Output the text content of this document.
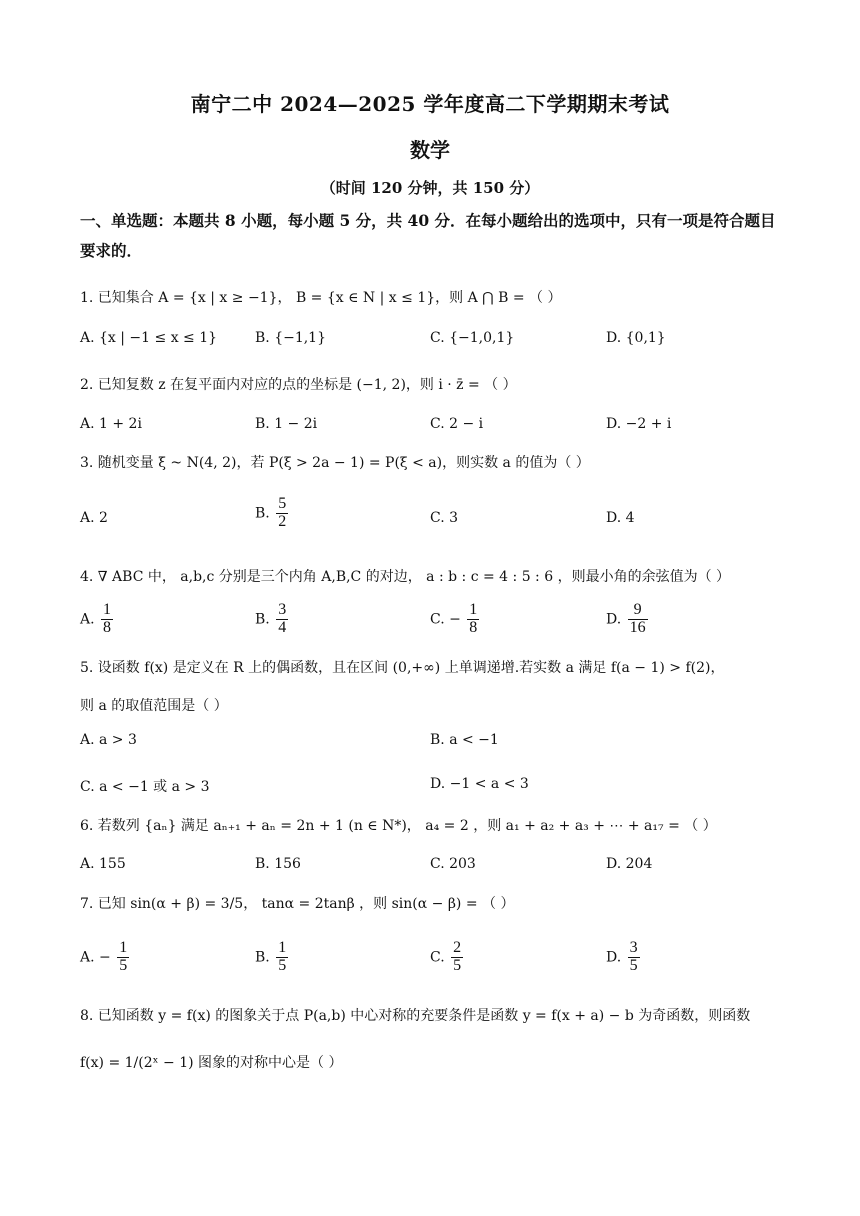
南宁二中 2024—2025 学年度高二下学期期末考试
数学
（时间 120 分钟，共 150 分）
一、单选题：本题共 8 小题，每小题 5 分，共 40 分．在每小题给出的选项中，只有一项是符合题目要求的．
1. 已知集合 A = {x | x ≥ −1}， B = {x ∈ N | x ≤ 1}，则 A ⋂ B = （ ）
A. {x | −1 ≤ x ≤ 1}	B. {−1,1}	C. {−1,0,1}	D. {0,1}
2. 已知复数 z 在复平面内对应的点的坐标是 (−1, 2)，则 i · z̄ = （ ）
A. 1 + 2i	B. 1 − 2i	C. 2 − i	D. −2 + i
3. 随机变量 ξ ~ N(4, 2)，若 P(ξ > 2a − 1) = P(ξ < a)，则实数 a 的值为（ ）
A. 2	B. $\frac{5}{2}$	C. 3	D. 4
4. ∇ ABC 中， a,b,c 分别是三个内角 A,B,C 的对边， a : b : c = 4 : 5 : 6 ，则最小角的余弦值为（ ）
A. $\frac{1}{8}$	B. $\frac{3}{4}$	C. − $\frac{1}{8}$	D. $\frac{9}{16}$
5. 设函数 f(x) 是定义在 R 上的偶函数，且在区间 (0,+∞) 上单调递增.若实数 a 满足 f(a − 1) > f(2)，
则 a 的取值范围是（ ）
A. a > 3	B. a < −1
C. a < −1 或 a > 3	D. −1 < a < 3
6. 若数列 {aₙ} 满足 aₙ₊₁ + aₙ = 2n + 1 (n ∈ N*)， a₄ = 2 ，则 a₁ + a₂ + a₃ + ⋯ + a₁₇ = （ ）
A. 155	B. 156	C. 203	D. 204
7. 已知 sin(α + β) = 3/5， tanα = 2tanβ ，则 sin(α − β) = （ ）
A. − $\frac{1}{5}$	B. $\frac{1}{5}$	C. $\frac{2}{5}$	D. $\frac{3}{5}$
8. 已知函数 y = f(x) 的图象关于点 P(a,b) 中心对称的充要条件是函数 y = f(x + a) − b 为奇函数，则函数
f(x) = 1/(2ˣ − 1) 图象的对称中心是（ ）
